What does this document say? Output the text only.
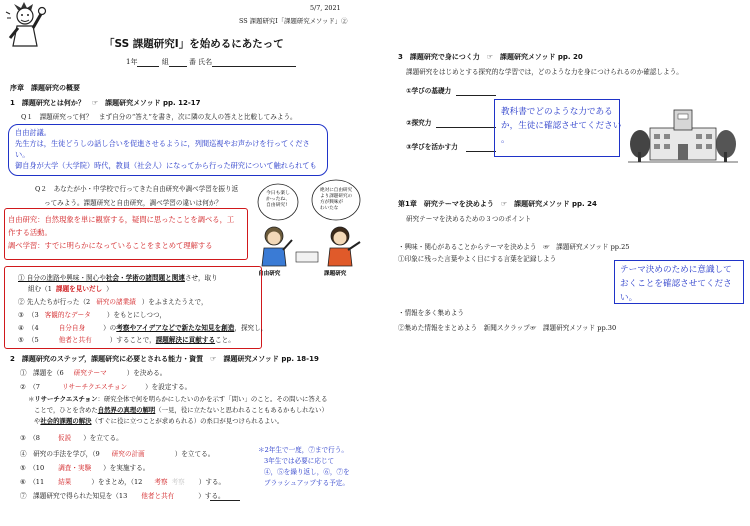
5/7, 2021
SS 課題研究Ⅰ「課題研究メソッド」②
「SS 課題研究Ⅰ」を始めるにあたって
1年	組	番 氏名
序章　課題研究の概要
1　課題研究とは何か？　☞　課題研究メソッド pp. 12-17
Q１　課題研究って何？　まず自分の“答え”を書き，次に隣の友人の答えと比較してみよう。
自由討議。
先生方は，生徒どうしの話し合いを促進させるように，列間巡視やお声かけを行ってくださ
い。
御自身が大学（大学院）時代，教員（社会人）になってから行った研究について触れられても
Q２　あなたが小・中学校で行ってきた自由研究や調べ学習を振り返
ってみよう。課題研究と自由研究，調べ学習の違いは何か？
自由研究：自然現象を単に観察する，疑問に思ったことを調べる，工
作する活動。
調べ学習：すでに明らかになっていることをまとめて理解する
今日も楽し
かったね、
自由研究!
絶対に自由研究
より課題研究の
方が興味が
わいたな
自由研究	課題研究
① 自分の進路や興味・関心や社会・学術の諸問題と関連させ，取り
組む（1 課題を見いだし ）
② 先人たちが行った（2 研究の諸業績 ）をふまえたうえで，
③ （3 客観的なデータ ）をもとにしつつ，
④ （4	自分自身	）の考察やアイデアなどで新たな知見を創造，探究し，
⑤ （5	他者と共有	）することで，課題解決に貢献すること。
2　課題研究のステップ，課題研究に必要とされる能力・資質　☞　課題研究メソッド pp. 18-19
①　課題を（6 研究テーマ	）を決める。
②　（7	リサーチクエスチョン	）を設定する。
＊リサーチクエスチョン：研究全体で何を明らかにしたいのかを示す「問い」のこと。その問いに答える
ことで，ひとを含めた自然界の真理の解明（一見，役に立たないと思われることもあるかもしれない）
や社会的課題の解決（すぐに役に立つことが求められる）の糸口が見つけられるよい。
③　（8	仮説 ）を立てる。
④　研究の手法を学び，（9 研究の計画	）を立てる。
⑤　（10 調査・実験 ）を実施する。
⑥　（11 結果	）をまとめ，（12 考察 考察 ）する。
⑦　課題研究で得られた知見を（13 他者と共有	）する。
＊2年生で一度，⑦まで行う。
3年生では必要に応じて
④，⑤を繰り返し，⑥，⑦を
ブラッシュアップする予定。
3　課題研究で身につく力　☞　課題研究メソッド pp. 20
課題研究をはじめとする探究的な学習では，どのような力を身につけられるのか確認しよう。
①学びの基礎力
②探究力
③学びを活かす力
教科書でどのような力である
か，生徒に確認させてください
。
第1章　研究テーマを決めよう　☞　課題研究メソッド pp. 24
研究テーマを決めるための３つのポイント
・興味・関心があることからテーマを決めよう　☞　課題研究メソッド pp.25
①印象に残った言葉やよく目にする言葉を記録しよう
テーマ決めのために意識して
おくことを確認させてくださ
い。
・情報を多く集めよう
②集めた情報をまとめよう　新聞スクラップ☞　課題研究メソッド pp.30
